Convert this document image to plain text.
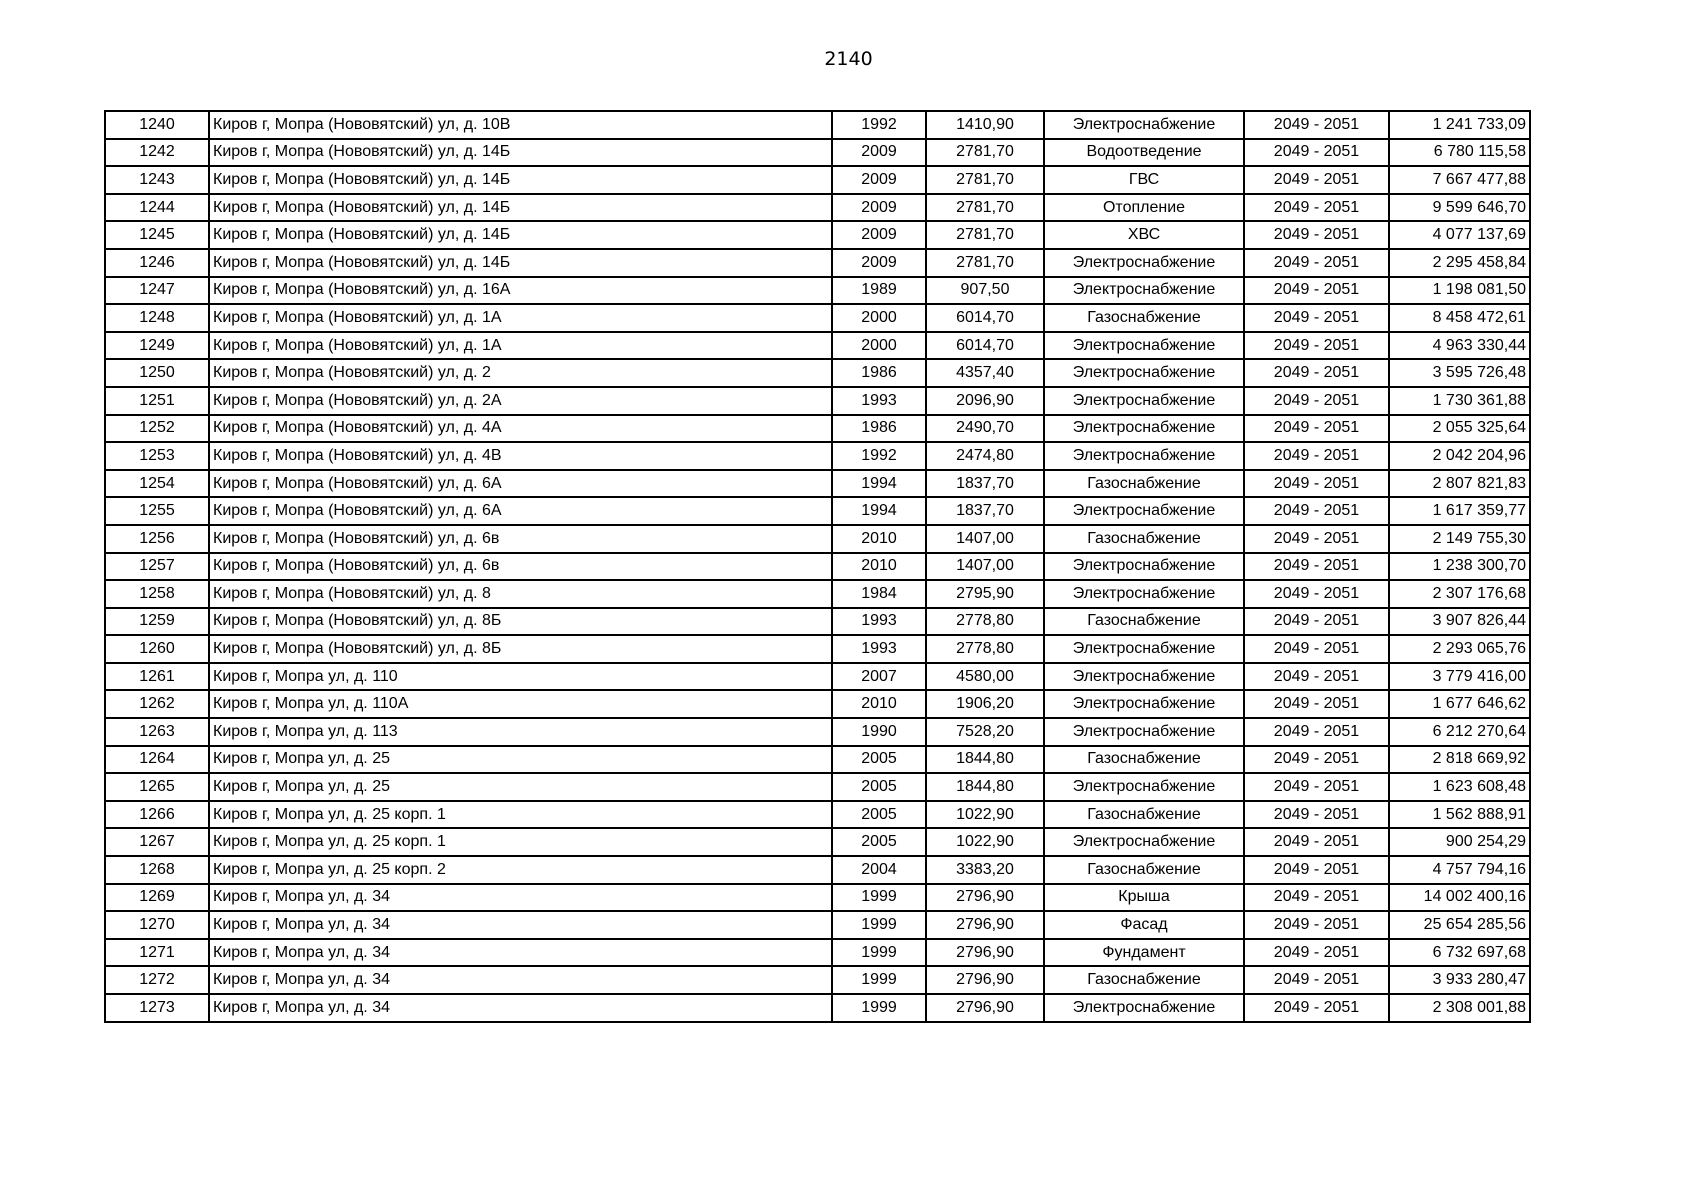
2140
1240	Киров г, Мопра (Нововятский) ул, д. 10В	1992	1410,90	Электроснабжение	2049 - 2051	1 241 733,09
1242	Киров г, Мопра (Нововятский) ул, д. 14Б	2009	2781,70	Водоотведение	2049 - 2051	6 780 115,58
1243	Киров г, Мопра (Нововятский) ул, д. 14Б	2009	2781,70	ГВС	2049 - 2051	7 667 477,88
1244	Киров г, Мопра (Нововятский) ул, д. 14Б	2009	2781,70	Отопление	2049 - 2051	9 599 646,70
1245	Киров г, Мопра (Нововятский) ул, д. 14Б	2009	2781,70	ХВС	2049 - 2051	4 077 137,69
1246	Киров г, Мопра (Нововятский) ул, д. 14Б	2009	2781,70	Электроснабжение	2049 - 2051	2 295 458,84
1247	Киров г, Мопра (Нововятский) ул, д. 16А	1989	907,50	Электроснабжение	2049 - 2051	1 198 081,50
1248	Киров г, Мопра (Нововятский) ул, д. 1А	2000	6014,70	Газоснабжение	2049 - 2051	8 458 472,61
1249	Киров г, Мопра (Нововятский) ул, д. 1А	2000	6014,70	Электроснабжение	2049 - 2051	4 963 330,44
1250	Киров г, Мопра (Нововятский) ул, д. 2	1986	4357,40	Электроснабжение	2049 - 2051	3 595 726,48
1251	Киров г, Мопра (Нововятский) ул, д. 2А	1993	2096,90	Электроснабжение	2049 - 2051	1 730 361,88
1252	Киров г, Мопра (Нововятский) ул, д. 4А	1986	2490,70	Электроснабжение	2049 - 2051	2 055 325,64
1253	Киров г, Мопра (Нововятский) ул, д. 4В	1992	2474,80	Электроснабжение	2049 - 2051	2 042 204,96
1254	Киров г, Мопра (Нововятский) ул, д. 6А	1994	1837,70	Газоснабжение	2049 - 2051	2 807 821,83
1255	Киров г, Мопра (Нововятский) ул, д. 6А	1994	1837,70	Электроснабжение	2049 - 2051	1 617 359,77
1256	Киров г, Мопра (Нововятский) ул, д. 6в	2010	1407,00	Газоснабжение	2049 - 2051	2 149 755,30
1257	Киров г, Мопра (Нововятский) ул, д. 6в	2010	1407,00	Электроснабжение	2049 - 2051	1 238 300,70
1258	Киров г, Мопра (Нововятский) ул, д. 8	1984	2795,90	Электроснабжение	2049 - 2051	2 307 176,68
1259	Киров г, Мопра (Нововятский) ул, д. 8Б	1993	2778,80	Газоснабжение	2049 - 2051	3 907 826,44
1260	Киров г, Мопра (Нововятский) ул, д. 8Б	1993	2778,80	Электроснабжение	2049 - 2051	2 293 065,76
1261	Киров г, Мопра ул, д. 110	2007	4580,00	Электроснабжение	2049 - 2051	3 779 416,00
1262	Киров г, Мопра ул, д. 110А	2010	1906,20	Электроснабжение	2049 - 2051	1 677 646,62
1263	Киров г, Мопра ул, д. 113	1990	7528,20	Электроснабжение	2049 - 2051	6 212 270,64
1264	Киров г, Мопра ул, д. 25	2005	1844,80	Газоснабжение	2049 - 2051	2 818 669,92
1265	Киров г, Мопра ул, д. 25	2005	1844,80	Электроснабжение	2049 - 2051	1 623 608,48
1266	Киров г, Мопра ул, д. 25 корп. 1	2005	1022,90	Газоснабжение	2049 - 2051	1 562 888,91
1267	Киров г, Мопра ул, д. 25 корп. 1	2005	1022,90	Электроснабжение	2049 - 2051	900 254,29
1268	Киров г, Мопра ул, д. 25 корп. 2	2004	3383,20	Газоснабжение	2049 - 2051	4 757 794,16
1269	Киров г, Мопра ул, д. 34	1999	2796,90	Крыша	2049 - 2051	14 002 400,16
1270	Киров г, Мопра ул, д. 34	1999	2796,90	Фасад	2049 - 2051	25 654 285,56
1271	Киров г, Мопра ул, д. 34	1999	2796,90	Фундамент	2049 - 2051	6 732 697,68
1272	Киров г, Мопра ул, д. 34	1999	2796,90	Газоснабжение	2049 - 2051	3 933 280,47
1273	Киров г, Мопра ул, д. 34	1999	2796,90	Электроснабжение	2049 - 2051	2 308 001,88
